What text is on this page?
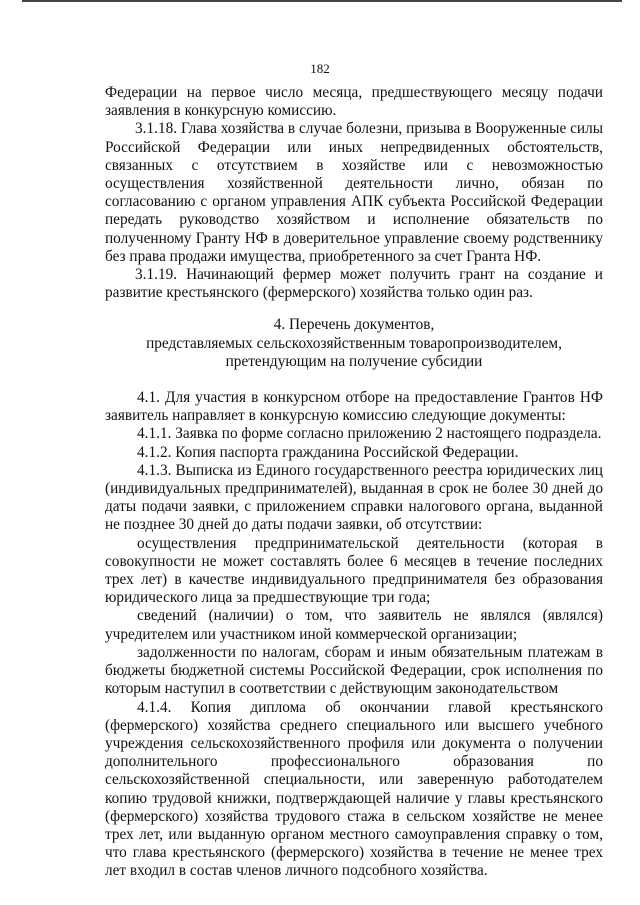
182

Федерации на первое число месяца, предшествующего месяцу подачи заявления в конкурсную комиссию.

3.1.18. Глава хозяйства в случае болезни, призыва в Вооруженные силы Российской Федерации или иных непредвиденных обстоятельств, связанных с отсутствием в хозяйстве или с невозможностью осуществления хозяйственной деятельности лично, обязан по согласованию с органом управления АПК субъекта Российской Федерации передать руководство хозяйством и исполнение обязательств по полученному Гранту НФ в доверительное управление своему родственнику без права продажи имущества, приобретенного за счет Гранта НФ.

3.1.19. Начинающий фермер может получить грант на создание и развитие крестьянского (фермерского) хозяйства только один раз.

4. Перечень документов,
представляемых сельскохозяйственным товаропроизводителем,
претендующим на получение субсидии

4.1. Для участия в конкурсном отборе на предоставление Грантов НФ заявитель направляет в конкурсную комиссию следующие документы:

4.1.1. Заявка по форме согласно приложению 2 настоящего подраздела.

4.1.2. Копия паспорта гражданина Российской Федерации.

4.1.3. Выписка из Единого государственного реестра юридических лиц (индивидуальных предпринимателей), выданная в срок не более 30 дней до даты подачи заявки, с приложением справки налогового органа, выданной не позднее 30 дней до даты подачи заявки, об отсутствии:

осуществления предпринимательской деятельности (которая в совокупности не может составлять более 6 месяцев в течение последних трех лет) в качестве индивидуального предпринимателя без образования юридического лица за предшествующие три года;

сведений (наличии) о том, что заявитель не являлся (являлся) учредителем или участником иной коммерческой организации;

задолженности по налогам, сборам и иным обязательным платежам в бюджеты бюджетной системы Российской Федерации, срок исполнения по которым наступил в соответствии с действующим законодательством

4.1.4. Копия диплома об окончании главой крестьянского (фермерского) хозяйства среднего специального или высшего учебного учреждения сельскохозяйственного профиля или документа о получении дополнительного профессионального образования по сельскохозяйственной специальности, или заверенную работодателем копию трудовой книжки, подтверждающей наличие у главы крестьянского (фермерского) хозяйства трудового стажа в сельском хозяйстве не менее трех лет, или выданную органом местного самоуправления справку о том, что глава крестьянского (фермерского) хозяйства в течение не менее трех лет входил в состав членов личного подсобного хозяйства.
